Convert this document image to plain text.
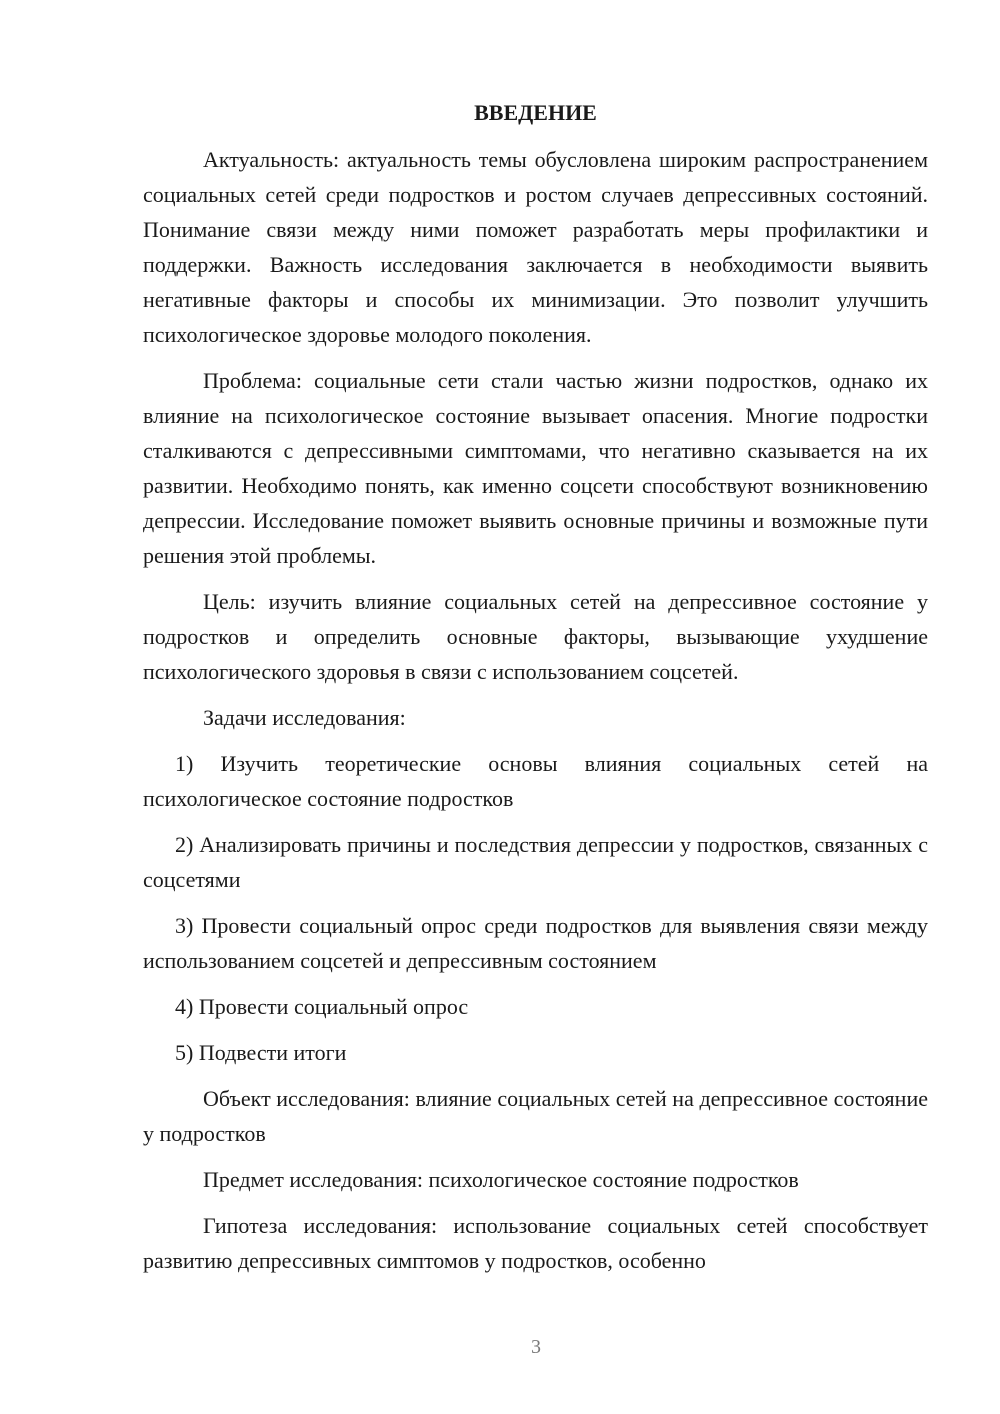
ВВЕДЕНИЕ

Актуальность: актуальность темы обусловлена широким распространением социальных сетей среди подростков и ростом случаев депрессивных состояний. Понимание связи между ними поможет разработать меры профилактики и поддержки. Важность исследования заключается в необходимости выявить негативные факторы и способы их минимизации. Это позволит улучшить психологическое здоровье молодого поколения.

Проблема: социальные сети стали частью жизни подростков, однако их влияние на психологическое состояние вызывает опасения. Многие подростки сталкиваются с депрессивными симптомами, что негативно сказывается на их развитии. Необходимо понять, как именно соцсети способствуют возникновению депрессии. Исследование поможет выявить основные причины и возможные пути решения этой проблемы.

Цель: изучить влияние социальных сетей на депрессивное состояние у подростков и определить основные факторы, вызывающие ухудшение психологического здоровья в связи с использованием соцсетей.

Задачи исследования:

1) Изучить теоретические основы влияния социальных сетей на психологическое состояние подростков

2) Анализировать причины и последствия депрессии у подростков, связанных с соцсетями

3) Провести социальный опрос среди подростков для выявления связи между использованием соцсетей и депрессивным состоянием

4) Провести социальный опрос

5) Подвести итоги

Объект исследования: влияние социальных сетей на депрессивное состояние у подростков

Предмет исследования: психологическое состояние подростков

Гипотеза исследования: использование социальных сетей способствует развитию депрессивных симптомов у подростков, особенно

3
